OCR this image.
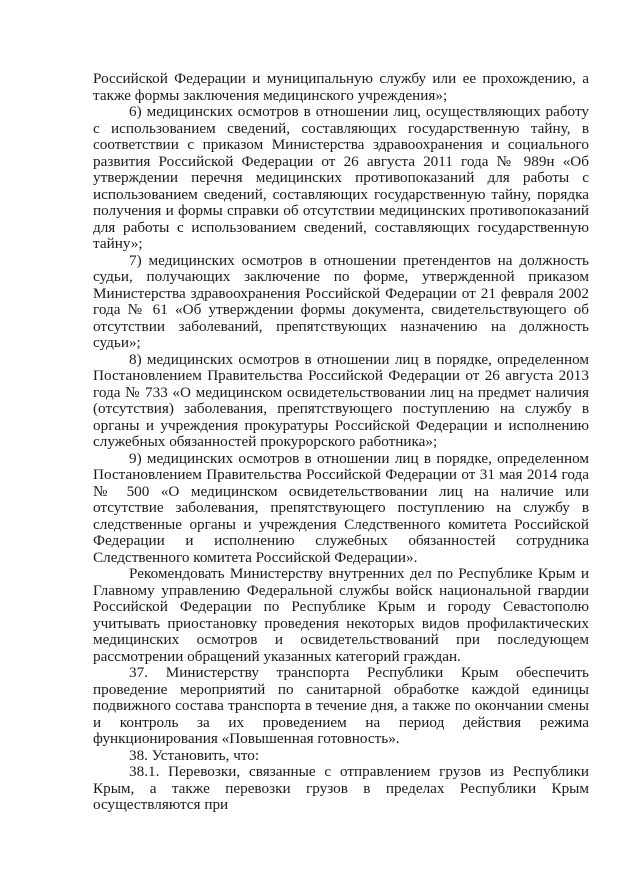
Российской Федерации и муниципальную службу или ее прохождению, а также формы заключения медицинского учреждения»;

6) медицинских осмотров в отношении лиц, осуществляющих работу с использованием сведений, составляющих государственную тайну, в соответствии с приказом Министерства здравоохранения и социального развития Российской Федерации от 26 августа 2011 года № 989н «Об утверждении перечня медицинских противопоказаний для работы с использованием сведений, составляющих государственную тайну, порядка получения и формы справки об отсутствии медицинских противопоказаний для работы с использованием сведений, составляющих государственную тайну»;

7) медицинских осмотров в отношении претендентов на должность судьи, получающих заключение по форме, утвержденной приказом Министерства здравоохранения Российской Федерации от 21 февраля 2002 года № 61 «Об утверждении формы документа, свидетельствующего об отсутствии заболеваний, препятствующих назначению на должность судьи»;

8) медицинских осмотров в отношении лиц в порядке, определенном Постановлением Правительства Российской Федерации от 26 августа 2013 года № 733 «О медицинском освидетельствовании лиц на предмет наличия (отсутствия) заболевания, препятствующего поступлению на службу в органы и учреждения прокуратуры Российской Федерации и исполнению служебных обязанностей прокурорского работника»;

9) медицинских осмотров в отношении лиц в порядке, определенном Постановлением Правительства Российской Федерации от 31 мая 2014 года № 500 «О медицинском освидетельствовании лиц на наличие или отсутствие заболевания, препятствующего поступлению на службу в следственные органы и учреждения Следственного комитета Российской Федерации и исполнению служебных обязанностей сотрудника Следственного комитета Российской Федерации».

Рекомендовать Министерству внутренних дел по Республике Крым и Главному управлению Федеральной службы войск национальной гвардии Российской Федерации по Республике Крым и городу Севастополю учитывать приостановку проведения некоторых видов профилактических медицинских осмотров и освидетельствований при последующем рассмотрении обращений указанных категорий граждан.

37. Министерству транспорта Республики Крым обеспечить проведение мероприятий по санитарной обработке каждой единицы подвижного состава транспорта в течение дня, а также по окончании смены и контроль за их проведением на период действия режима функционирования «Повышенная готовность».

38. Установить, что:

38.1. Перевозки, связанные с отправлением грузов из Республики Крым, а также перевозки грузов в пределах Республики Крым осуществляются при
